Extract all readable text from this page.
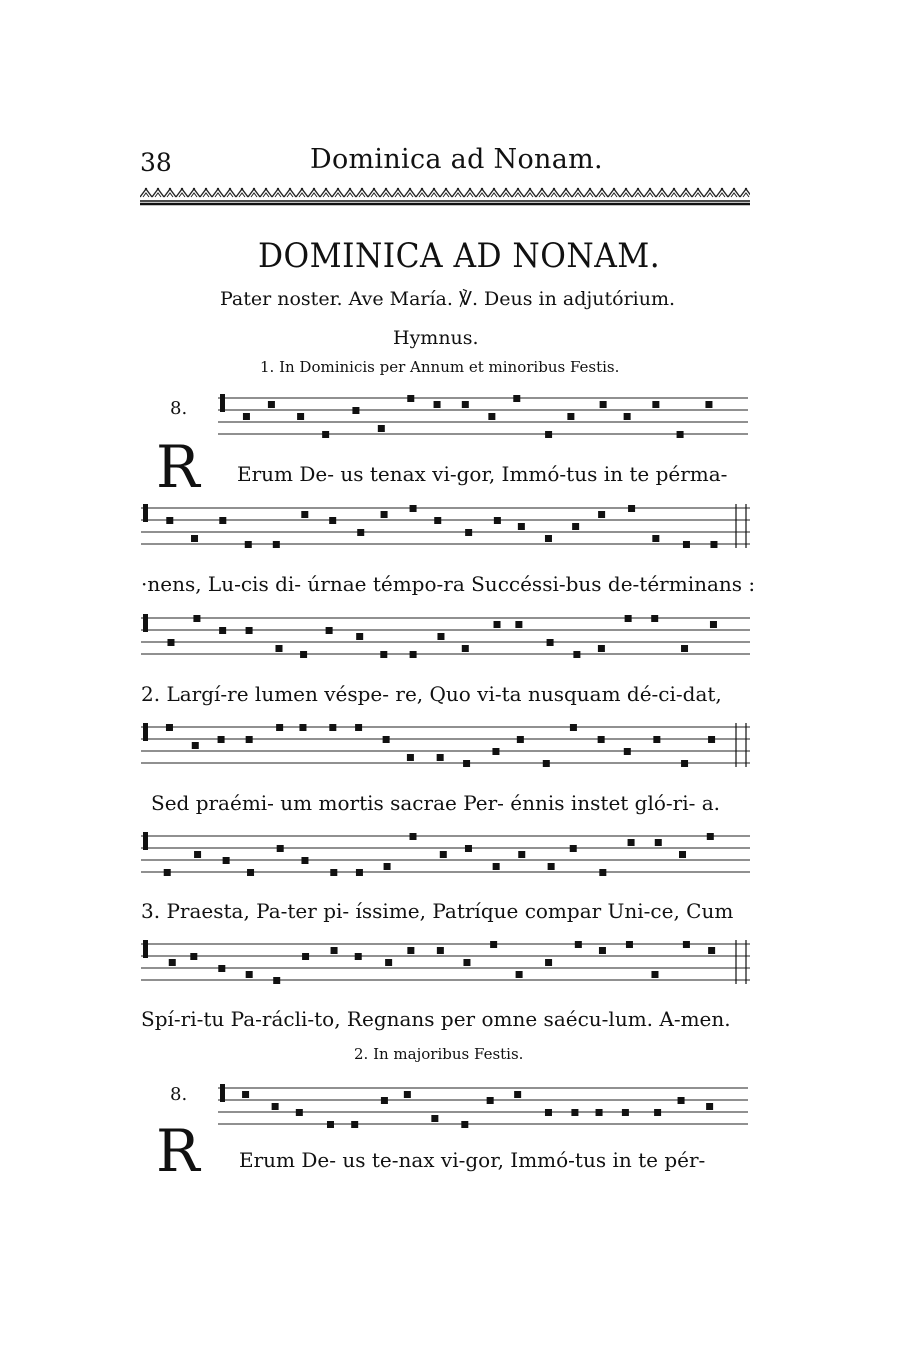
38	Dominica ad Nonam.
DOMINICA AD NONAM.
Pater noster. Ave María. ℣. Deus in adjutórium.
Hymnus.
1. In Dominicis per Annum et minoribus Festis.
8.
R Erum De- us tenax vi-gor, Immó-tus in te pérma-
·nens, Lu-cis di- úrnae témpo-ra Succéssi-bus de-términans :
2. Largí-re lumen véspe- re, Quo vi-ta nusquam dé-ci-dat,
Sed praémi- um mortis sacrae Per- énnis instet gló-ri- a.
3. Praesta, Pa-ter pi- íssime, Patríque compar Uni-ce, Cum
Spí-ri-tu Pa-rácli-to, Regnans per omne saécu-lum. A-men.
2. In majoribus Festis.
8.
R Erum De- us te-nax vi-gor, Immó-tus in te pér-
